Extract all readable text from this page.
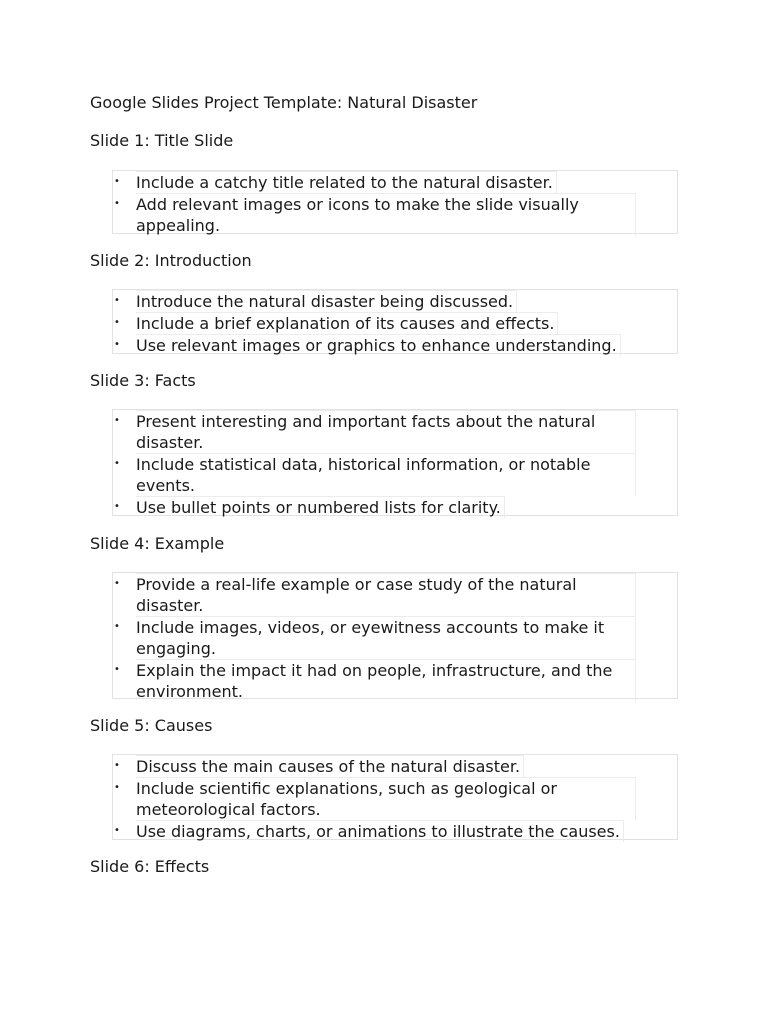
Google Slides Project Template: Natural Disaster
Slide 1: Title Slide
• Include a catchy title related to the natural disaster.
• Add relevant images or icons to make the slide visually appealing.
Slide 2: Introduction
• Introduce the natural disaster being discussed.
• Include a brief explanation of its causes and effects.
• Use relevant images or graphics to enhance understanding.
Slide 3: Facts
• Present interesting and important facts about the natural disaster.
• Include statistical data, historical information, or notable events.
• Use bullet points or numbered lists for clarity.
Slide 4: Example
• Provide a real-life example or case study of the natural disaster.
• Include images, videos, or eyewitness accounts to make it engaging.
• Explain the impact it had on people, infrastructure, and the environment.
Slide 5: Causes
• Discuss the main causes of the natural disaster.
• Include scientific explanations, such as geological or meteorological factors.
• Use diagrams, charts, or animations to illustrate the causes.
Slide 6: Effects
